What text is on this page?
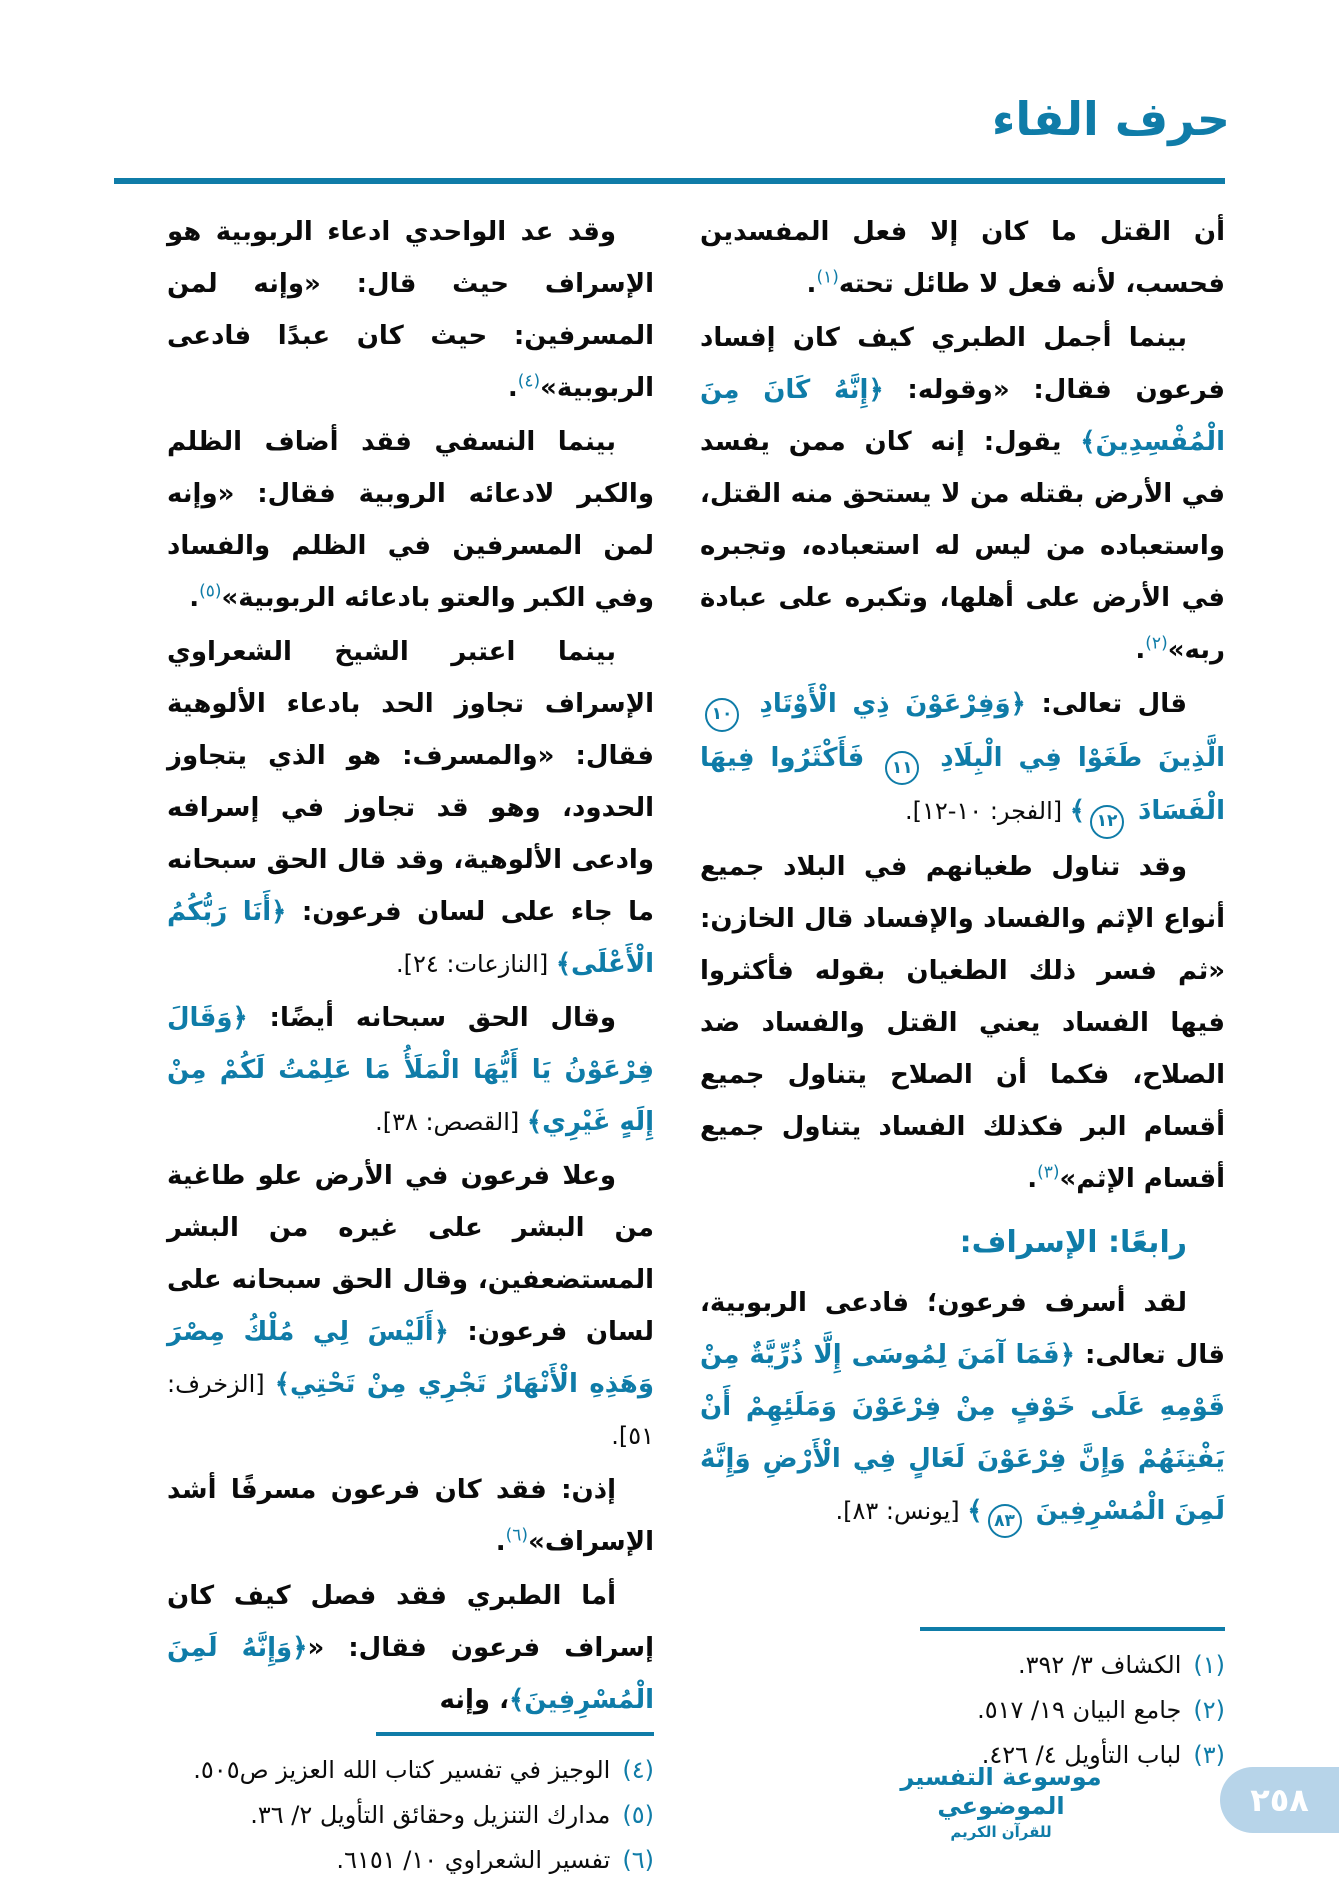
حرف الفاء

أن القتل ما كان إلا فعل المفسدين فحسب، لأنه فعل لا طائل تحته$^{(١)}$.

بينما أجمل الطبري كيف كان إفساد فرعون فقال: «وقوله: ﴿إِنَّهُ كَانَ مِنَ الْمُفْسِدِينَ﴾ يقول: إنه كان ممن يفسد في الأرض بقتله من لا يستحق منه القتل، واستعباده من ليس له استعباده، وتجبره في الأرض على أهلها، وتكبره على عبادة ربه»$^{(٢)}$.

قال تعالى: ﴿وَفِرْعَوْنَ ذِي الْأَوْتَادِ ١٠ الَّذِينَ طَغَوْا فِي الْبِلَادِ ١١ فَأَكْثَرُوا فِيهَا الْفَسَادَ ١٢﴾ [الفجر: ١٠-١٢].

وقد تناول طغيانهم في البلاد جميع أنواع الإثم والفساد والإفساد قال الخازن: «ثم فسر ذلك الطغيان بقوله فأكثروا فيها الفساد يعني القتل والفساد ضد الصلاح، فكما أن الصلاح يتناول جميع أقسام البر فكذلك الفساد يتناول جميع أقسام الإثم»$^{(٣)}$.

رابعًا: الإسراف:

لقد أسرف فرعون؛ فادعى الربوبية، قال تعالى: ﴿فَمَا آمَنَ لِمُوسَى إِلَّا ذُرِّيَّةٌ مِنْ قَوْمِهِ عَلَى خَوْفٍ مِنْ فِرْعَوْنَ وَمَلَئِهِمْ أَنْ يَفْتِنَهُمْ وَإِنَّ فِرْعَوْنَ لَعَالٍ فِي الْأَرْضِ وَإِنَّهُ لَمِنَ الْمُسْرِفِينَ ٨٣﴾ [يونس: ٨٣].

(١)
الكشاف ٣/ ٣٩٢.
(٢)
جامع البيان ١٩/ ٥١٧.
(٣)
لباب التأويل ٤/ ٤٢٦.

وقد عد الواحدي ادعاء الربوبية هو الإسراف حيث قال: «وإنه لمن المسرفين: حيث كان عبدًا فادعى الربوبية»$^{(٤)}$.

بينما النسفي فقد أضاف الظلم والكبر لادعائه الروبية فقال: «وإنه لمن المسرفين في الظلم والفساد وفي الكبر والعتو بادعائه الربوبية»$^{(٥)}$.

بينما اعتبر الشيخ الشعراوي الإسراف تجاوز الحد بادعاء الألوهية فقال: «والمسرف: هو الذي يتجاوز الحدود، وهو قد تجاوز في إسرافه وادعى الألوهية، وقد قال الحق سبحانه ما جاء على لسان فرعون: ﴿أَنَا رَبُّكُمُ الْأَعْلَى﴾ [النازعات: ٢٤].

وقال الحق سبحانه أيضًا: ﴿وَقَالَ فِرْعَوْنُ يَا أَيُّهَا الْمَلَأُ مَا عَلِمْتُ لَكُمْ مِنْ إِلَهٍ غَيْرِي﴾ [القصص: ٣٨].

وعلا فرعون في الأرض علو طاغية من البشر على غيره من البشر المستضعفين، وقال الحق سبحانه على لسان فرعون: ﴿أَلَيْسَ لِي مُلْكُ مِصْرَ وَهَذِهِ الْأَنْهَارُ تَجْرِي مِنْ تَحْتِي﴾ [الزخرف: ٥١].

إذن: فقد كان فرعون مسرفًا أشد الإسراف»$^{(٦)}$.

أما الطبري فقد فصل كيف كان إسراف فرعون فقال: «﴿وَإِنَّهُ لَمِنَ الْمُسْرِفِينَ﴾، وإنه

(٤)
الوجيز في تفسير كتاب الله العزيز ص٥٠٥.
(٥)
مدارك التنزيل وحقائق التأويل ٢/ ٣٦.
(٦)
تفسير الشعراوي ١٠/ ٦١٥١.
موسوعة التفسير الموضوعي
للقرآن الكريم
٢٥٨
